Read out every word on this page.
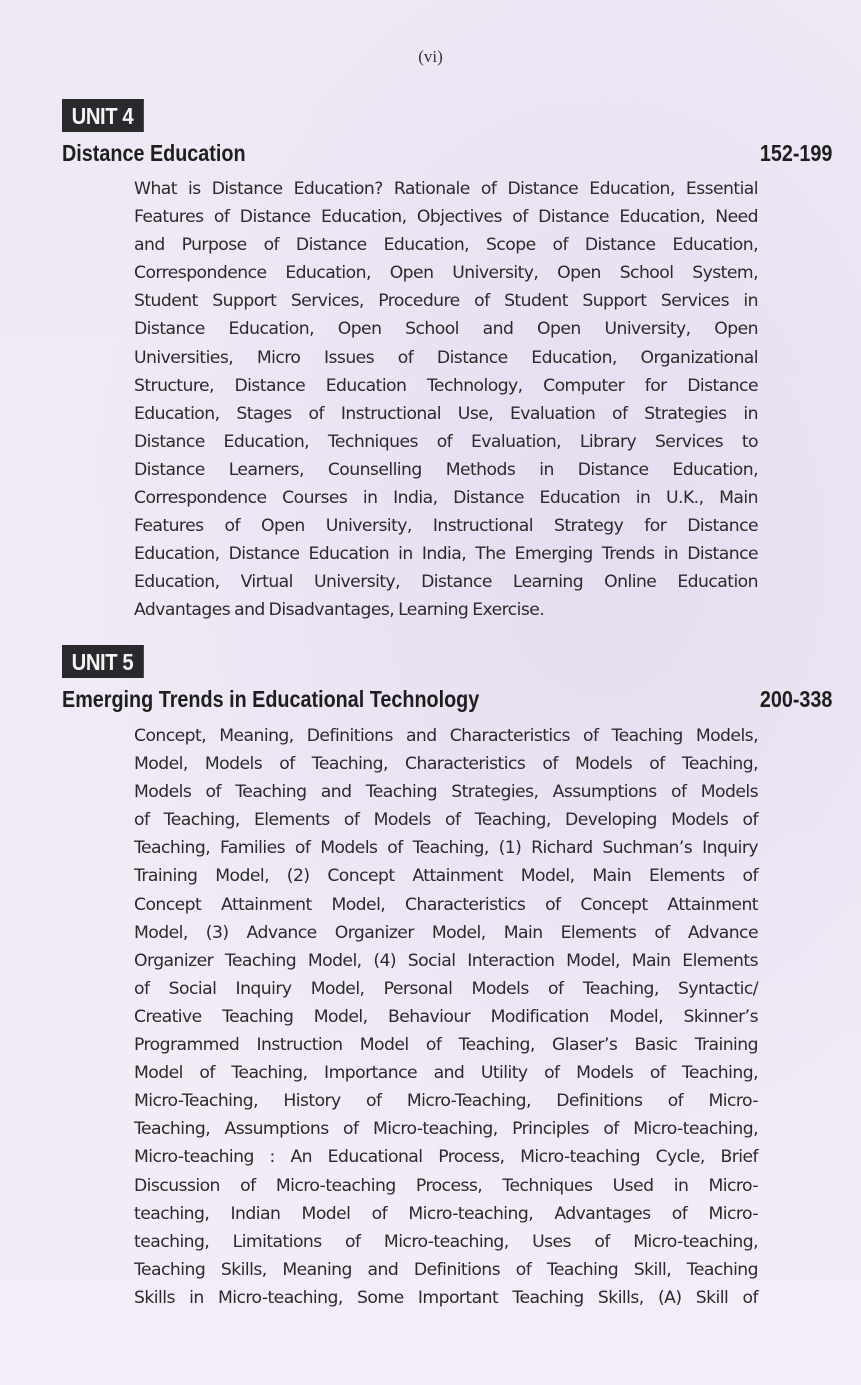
(vi)
UNIT 4
Distance Education	152-199
What is Distance Education? Rationale of Distance Education, Essential
Features of Distance Education, Objectives of Distance Education, Need
and Purpose of Distance Education, Scope of Distance Education,
Correspondence Education, Open University, Open School System,
Student Support Services, Procedure of Student Support Services in
Distance Education, Open School and Open University, Open
Universities, Micro Issues of Distance Education, Organizational
Structure, Distance Education Technology, Computer for Distance
Education, Stages of Instructional Use, Evaluation of Strategies in
Distance Education, Techniques of Evaluation, Library Services to
Distance Learners, Counselling Methods in Distance Education,
Correspondence Courses in India, Distance Education in U.K., Main
Features of Open University, Instructional Strategy for Distance
Education, Distance Education in India, The Emerging Trends in Distance
Education, Virtual University, Distance Learning Online Education
Advantages and Disadvantages, Learning Exercise.
UNIT 5
Emerging Trends in Educational Technology	200-338
Concept, Meaning, Definitions and Characteristics of Teaching Models,
Model, Models of Teaching, Characteristics of Models of Teaching,
Models of Teaching and Teaching Strategies, Assumptions of Models
of Teaching, Elements of Models of Teaching, Developing Models of
Teaching, Families of Models of Teaching, (1) Richard Suchman’s Inquiry
Training Model, (2) Concept Attainment Model, Main Elements of
Concept Attainment Model, Characteristics of Concept Attainment
Model, (3) Advance Organizer Model, Main Elements of Advance
Organizer Teaching Model, (4) Social Interaction Model, Main Elements
of Social Inquiry Model, Personal Models of Teaching, Syntactic/
Creative Teaching Model, Behaviour Modification Model, Skinner’s
Programmed Instruction Model of Teaching, Glaser’s Basic Training
Model of Teaching, Importance and Utility of Models of Teaching,
Micro-Teaching, History of Micro-Teaching, Definitions of Micro-
Teaching, Assumptions of Micro-teaching, Principles of Micro-teaching,
Micro-teaching : An Educational Process, Micro-teaching Cycle, Brief
Discussion of Micro-teaching Process, Techniques Used in Micro-
teaching, Indian Model of Micro-teaching, Advantages of Micro-
teaching, Limitations of Micro-teaching, Uses of Micro-teaching,
Teaching Skills, Meaning and Definitions of Teaching Skill, Teaching
Skills in Micro-teaching, Some Important Teaching Skills, (A) Skill of
